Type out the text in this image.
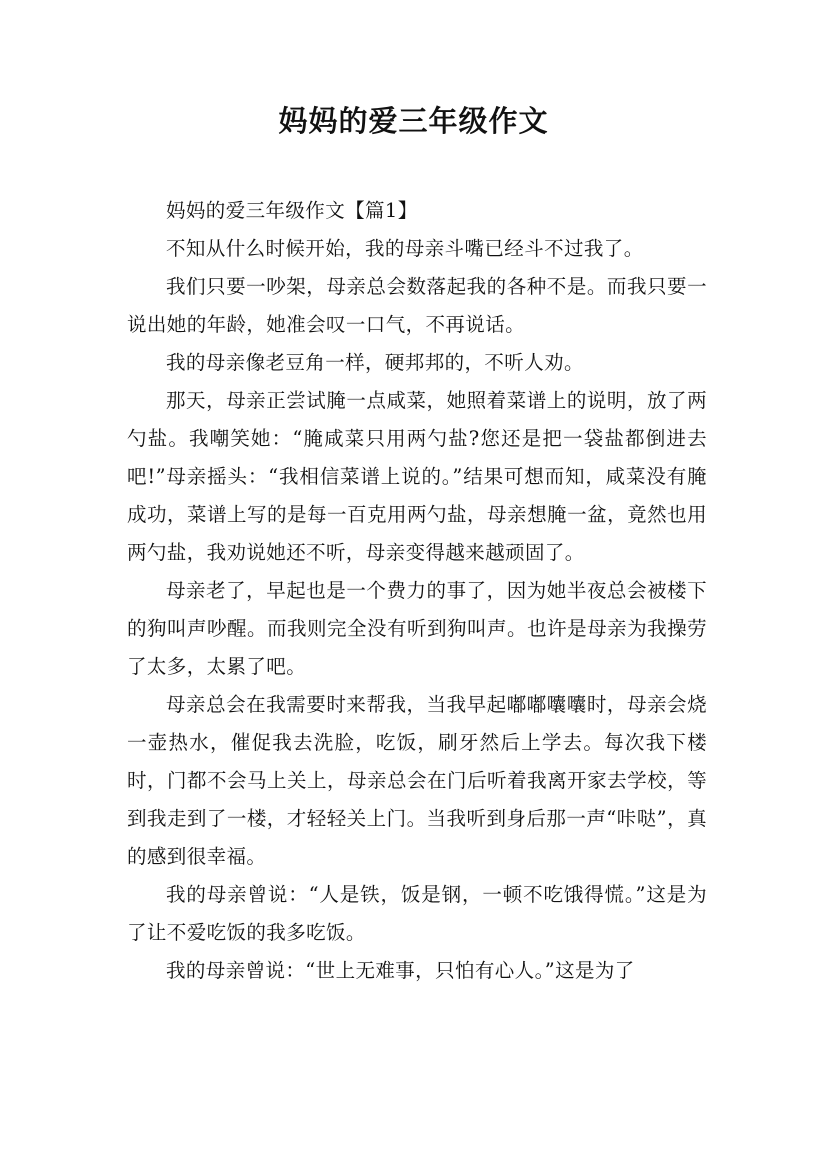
妈妈的爱三年级作文

妈妈的爱三年级作文【篇1】

不知从什么时候开始，我的母亲斗嘴已经斗不过我了。

我们只要一吵架，母亲总会数落起我的各种不是。而我只要一说出她的年龄，她准会叹一口气，不再说话。

我的母亲像老豆角一样，硬邦邦的，不听人劝。

那天，母亲正尝试腌一点咸菜，她照着菜谱上的说明，放了两勺盐。我嘲笑她：“腌咸菜只用两勺盐?您还是把一袋盐都倒进去吧!”母亲摇头：“我相信菜谱上说的。”结果可想而知，咸菜没有腌成功，菜谱上写的是每一百克用两勺盐，母亲想腌一盆，竟然也用两勺盐，我劝说她还不听，母亲变得越来越顽固了。

母亲老了，早起也是一个费力的事了，因为她半夜总会被楼下的狗叫声吵醒。而我则完全没有听到狗叫声。也许是母亲为我操劳了太多，太累了吧。

母亲总会在我需要时来帮我，当我早起嘟嘟囔囔时，母亲会烧一壶热水，催促我去洗脸，吃饭，刷牙然后上学去。每次我下楼时，门都不会马上关上，母亲总会在门后听着我离开家去学校，等到我走到了一楼，才轻轻关上门。当我听到身后那一声“咔哒”，真的感到很幸福。

我的母亲曾说：“人是铁，饭是钢，一顿不吃饿得慌。”这是为了让不爱吃饭的我多吃饭。

我的母亲曾说：“世上无难事，只怕有心人。”这是为了
